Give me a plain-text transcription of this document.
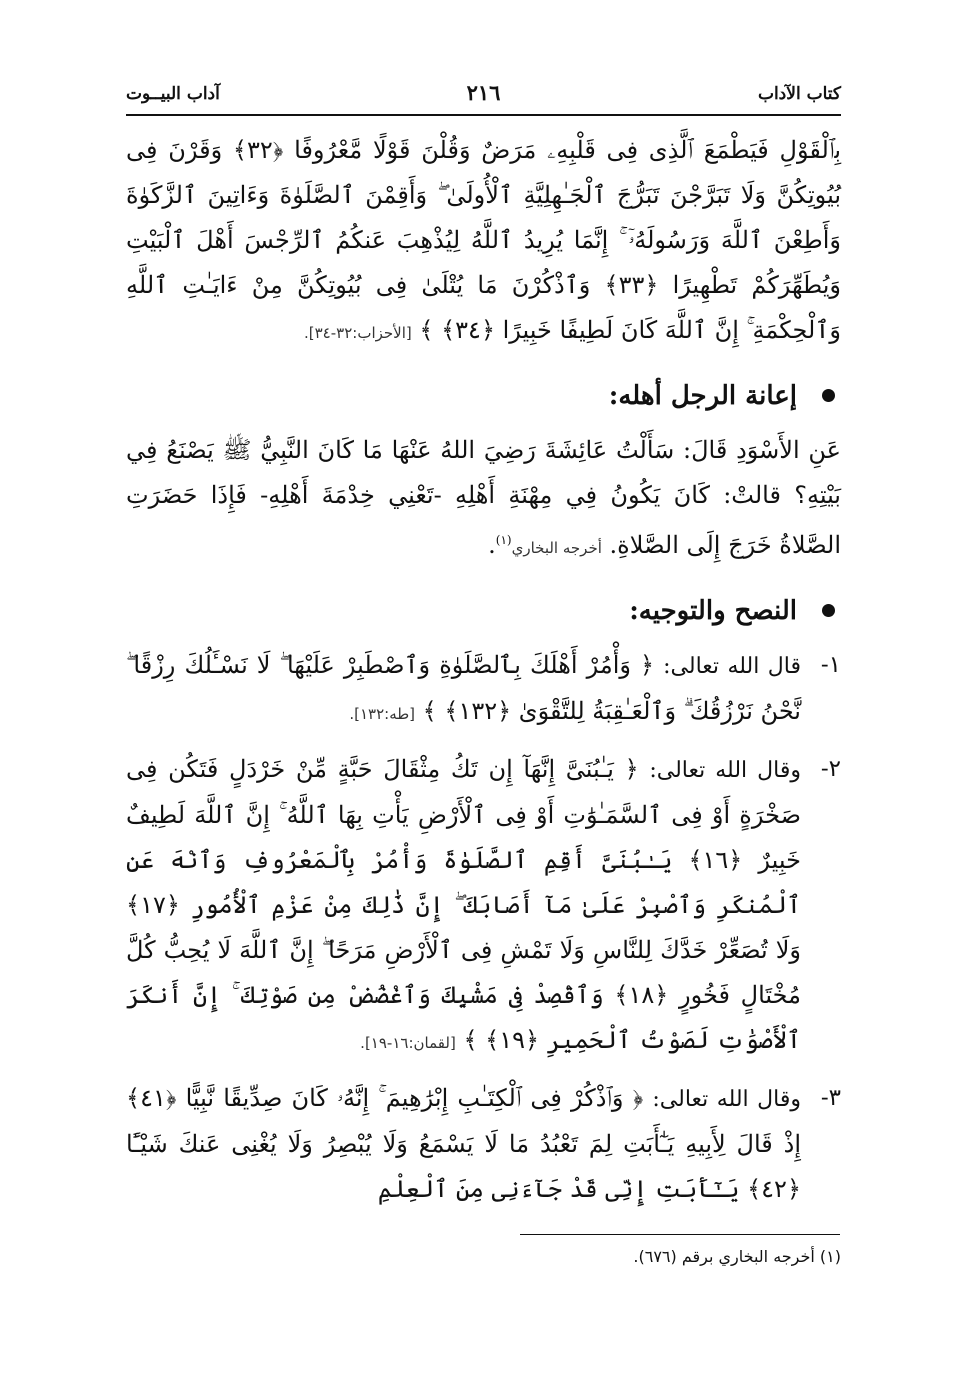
كتاب الآداب
٢١٦
آداب البيــوت

بِٱلْقَوْلِ فَيَطْمَعَ ٱلَّذِى فِى قَلْبِهِۦ مَرَضٌ وَقُلْنَ قَوْلًا مَّعْرُوفًا ﴿٣٢﴾ وَقَرْنَ فِى بُيُوتِكُنَّ وَلَا تَبَرَّجْنَ تَبَرُّجَ ٱلْجَـٰهِلِيَّةِ ٱلْأُولَىٰ ۖ وَأَقِمْنَ ٱلصَّلَوٰةَ وَءَاتِينَ ٱلزَّكَوٰةَ وَأَطِعْنَ ٱللَّهَ وَرَسُولَهُۥٓ ۚ إِنَّمَا يُرِيدُ ٱللَّهُ لِيُذْهِبَ عَنكُمُ ٱلرِّجْسَ أَهْلَ ٱلْبَيْتِ وَيُطَهِّرَكُمْ تَطْهِيرًا ﴿٣٣﴾ وَٱذْكُرْنَ مَا يُتْلَىٰ فِى بُيُوتِكُنَّ مِنْ ءَايَـٰتِ ٱللَّهِ وَٱلْحِكْمَةِ ۚ إِنَّ ٱللَّهَ كَانَ لَطِيفًا خَبِيرًا ﴿٣٤﴾ ﴾ [الأحزاب:٣٢-٣٤].

إعانة الرجل أهله:

عَنِ الأَسْوَدِ قَالَ: سَأَلْتُ عَائِشَةَ رَضِيَ اللهُ عَنْهَا مَا كَانَ النَّبِيُّ ﷺ يَصْنَعُ فِي بَيْتِهِ؟ قالتْ: كَانَ يَكُونُ فِي مِهْنَةِ أَهْلِهِ -تَعْنِي خِدْمَةَ أَهْلِهِ- فَإِذَا حَضَرَتِ الصَّلاةُ خَرَجَ إِلَى الصَّلاةِ. أخرجه البخاري$^{(١)}$.

النصح والتوجيه:
١-

قال الله تعالى: ﴿ وَأْمُرْ أَهْلَكَ بِٱلصَّلَوٰةِ وَٱصْطَبِرْ عَلَيْهَا ۖ لَا نَسْـَٔلُكَ رِزْقًا ۖ نَّحْنُ نَرْزُقُكَ ۗ وَٱلْعَـٰقِبَةُ لِلتَّقْوَىٰ ﴿١٣٢﴾ ﴾ [طه:١٣٢].

٢-

وقال الله تعالى: ﴿ يَـٰبُنَىَّ إِنَّهَآ إِن تَكُ مِثْقَالَ حَبَّةٍ مِّنْ خَرْدَلٍ فَتَكُن فِى صَخْرَةٍ أَوْ فِى ٱلسَّمَـٰوَٰتِ أَوْ فِى ٱلْأَرْضِ يَأْتِ بِهَا ٱللَّهُ ۚ إِنَّ ٱللَّهَ لَطِيفٌ خَبِيرٌ ﴿١٦﴾ يَـٰبُنَىَّ أَقِمِ ٱلصَّلَوٰةَ وَأْمُرْ بِٱلْمَعْرُوفِ وَٱنْهَ عَنِ ٱلْمُنكَرِ وَٱصْبِرْ عَلَىٰ مَآ أَصَابَكَ ۖ إِنَّ ذَٰلِكَ مِنْ عَزْمِ ٱلْأُمُورِ ﴿١٧﴾ وَلَا تُصَعِّرْ خَدَّكَ لِلنَّاسِ وَلَا تَمْشِ فِى ٱلْأَرْضِ مَرَحًا ۖ إِنَّ ٱللَّهَ لَا يُحِبُّ كُلَّ مُخْتَالٍ فَخُورٍ ﴿١٨﴾ وَٱقْصِدْ فِى مَشْيِكَ وَٱغْضُضْ مِن صَوْتِكَ ۚ إِنَّ أَنكَرَ ٱلْأَصْوَٰتِ لَصَوْتُ ٱلْحَمِيرِ ﴿١٩﴾ ﴾ [لقمان:١٦-١٩].

٣-

وقال الله تعالى: ﴿ وَٱذْكُرْ فِى ٱلْكِتَـٰبِ إِبْرَٰهِيمَ ۚ إِنَّهُۥ كَانَ صِدِّيقًا نَّبِيًّا ﴿٤١﴾ إِذْ قَالَ لِأَبِيهِ يَـٰٓأَبَتِ لِمَ تَعْبُدُ مَا لَا يَسْمَعُ وَلَا يُبْصِرُ وَلَا يُغْنِى عَنكَ شَيْـًٔا ﴿٤٢﴾ يَـٰٓأَبَتِ إِنِّى قَدْ جَآءَنِى مِنَ ٱلْعِلْمِ

(١) أخرجه البخاري برقم (٦٧٦).
